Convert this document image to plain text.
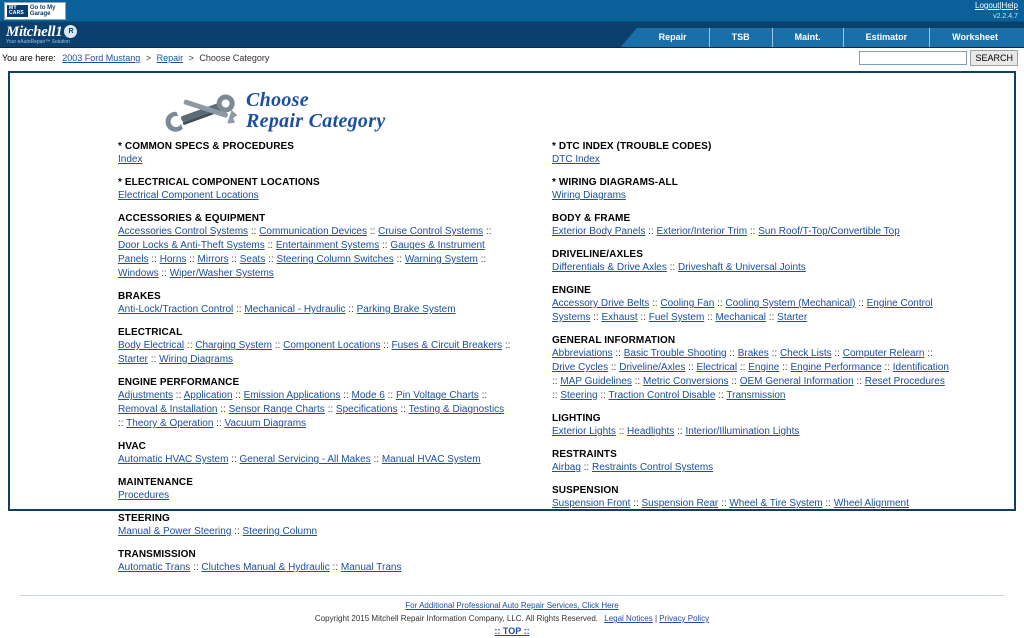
MY CARS
Go to My Garage
Logout|Help
v2.2.4.7
Mitchell1 R
Your eAutoRepair™ Solution	Repair	TSB	Maint.	Estimator	Worksheet
You are here: 2003 Ford Mustang > Repair > Choose Category	SEARCH
Choose
Repair Category
* COMMON SPECS & PROCEDURES
Index
* ELECTRICAL COMPONENT LOCATIONS
Electrical Component Locations
ACCESSORIES & EQUIPMENT
Accessories Control Systems :: Communication Devices :: Cruise Control Systems :: Door Locks & Anti-Theft Systems :: Entertainment Systems :: Gauges & Instrument Panels :: Horns :: Mirrors :: Seats :: Steering Column Switches :: Warning System :: Windows :: Wiper/Washer Systems
BRAKES
Anti-Lock/Traction Control :: Mechanical - Hydraulic :: Parking Brake System
ELECTRICAL
Body Electrical :: Charging System :: Component Locations :: Fuses & Circuit Breakers :: Starter :: Wiring Diagrams
ENGINE PERFORMANCE
Adjustments :: Application :: Emission Applications :: Mode 6 :: Pin Voltage Charts :: Removal & Installation :: Sensor Range Charts :: Specifications :: Testing & Diagnostics :: Theory & Operation :: Vacuum Diagrams
HVAC
Automatic HVAC System :: General Servicing - All Makes :: Manual HVAC System
MAINTENANCE
Procedures
STEERING
Manual & Power Steering :: Steering Column
TRANSMISSION
Automatic Trans :: Clutches Manual & Hydraulic :: Manual Trans
* DTC INDEX (TROUBLE CODES)
DTC Index
* WIRING DIAGRAMS-ALL
Wiring Diagrams
BODY & FRAME
Exterior Body Panels :: Exterior/Interior Trim :: Sun Roof/T-Top/Convertible Top
DRIVELINE/AXLES
Differentials & Drive Axles :: Driveshaft & Universal Joints
ENGINE
Accessory Drive Belts :: Cooling Fan :: Cooling System (Mechanical) :: Engine Control Systems :: Exhaust :: Fuel System :: Mechanical :: Starter
GENERAL INFORMATION
Abbreviations :: Basic Trouble Shooting :: Brakes :: Check Lists :: Computer Relearn :: Drive Cycles :: Driveline/Axles :: Electrical :: Engine :: Engine Performance :: Identification :: MAP Guidelines :: Metric Conversions :: OEM General Information :: Reset Procedures :: Steering :: Traction Control Disable :: Transmission
LIGHTING
Exterior Lights :: Headlights :: Interior/Illumination Lights
RESTRAINTS
Airbag :: Restraints Control Systems
SUSPENSION
Suspension Front :: Suspension Rear :: Wheel & Tire System :: Wheel Alignment
For Additional Professional Auto Repair Services, Click Here
Copyright 2015 Mitchell Repair Information Company, LLC. All Rights Reserved. Legal Notices | Privacy Policy
:: TOP ::
